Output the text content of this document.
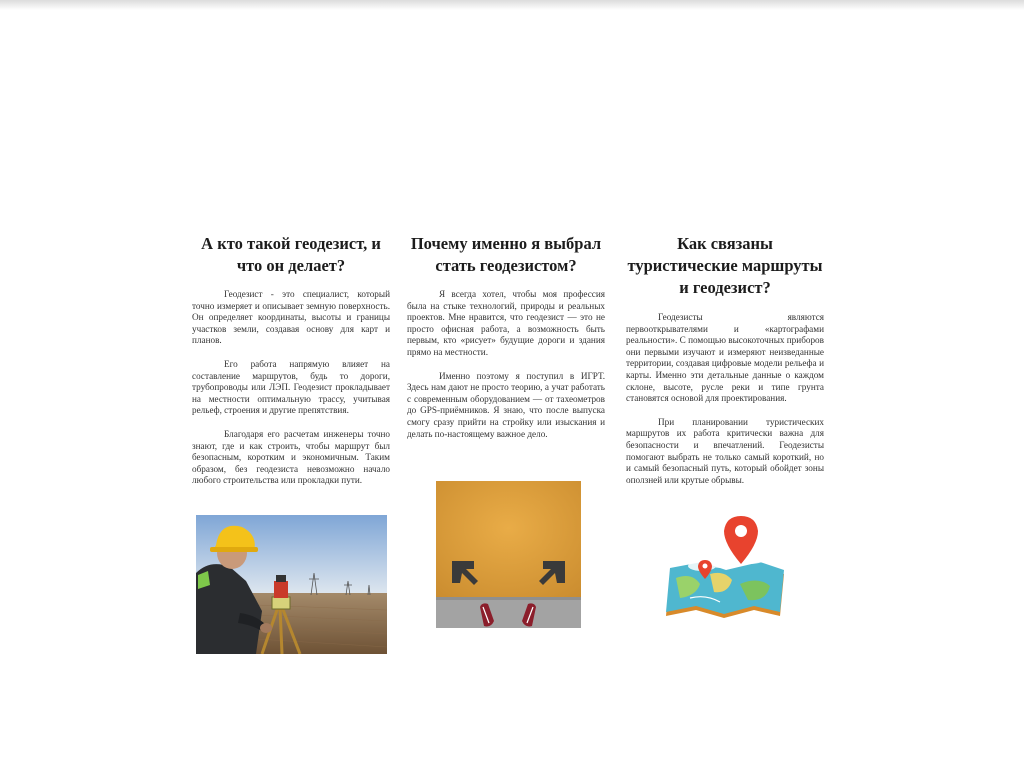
А кто такой геодезист, и что он делает?

Геодезист - это специалист, который точно измеряет и описывает земную поверхность. Он определяет координаты, высоты и границы участков земли, создавая основу для карт и планов.

Его работа напрямую влияет на составление маршрутов, будь то дороги, трубопроводы или ЛЭП. Геодезист прокладывает на местности оптимальную трассу, учитывая рельеф, строения и другие препятствия.

Благодаря его расчетам инженеры точно знают, где и как строить, чтобы маршрут был безопасным, коротким и экономичным. Таким образом, без геодезиста невозможно начало любого строительства или прокладки пути.

Почему именно я выбрал стать геодезистом?

Я всегда хотел, чтобы моя профессия была на стыке технологий, природы и реальных проектов. Мне нравится, что геодезист — это не просто офисная работа, а возможность быть первым, кто «рисует» будущие дороги и здания прямо на местности.

Именно поэтому я поступил в ИГРТ. Здесь нам дают не просто теорию, а учат работать с современным оборудованием — от тахеометров до GPS-приёмников. Я знаю, что после выпуска смогу сразу прийти на стройку или изыскания и делать по-настоящему важное дело.

Как связаны туристические маршруты и геодезист?

Геодезисты являются первооткрывателями и «картографами реальности». С помощью высокоточных приборов они первыми изучают и измеряют неизведанные территории, создавая цифровые модели рельефа и карты. Именно эти детальные данные о каждом склоне, высоте, русле реки и типе грунта становятся основой для проектирования.

При планировании туристических маршрутов их работа критически важна для безопасности и впечатлений. Геодезисты помогают выбрать не только самый короткий, но и самый безопасный путь, который обойдет зоны оползней или крутые обрывы.
